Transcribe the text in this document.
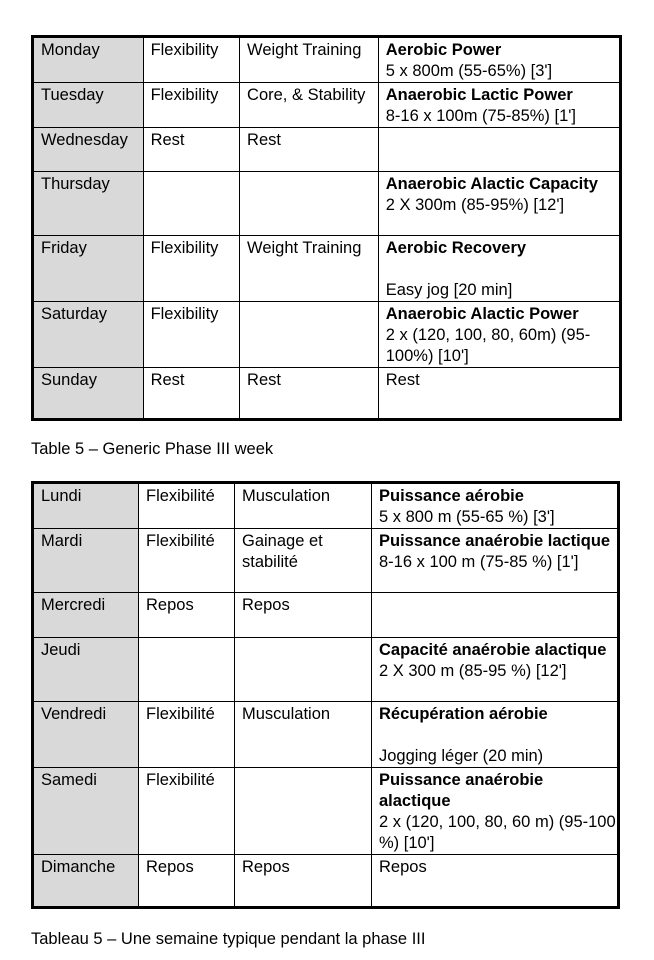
Monday	Flexibility	Weight Training	Aerobic Power
5 x 800m (55-65%) [3']

Tuesday	Flexibility	Core, & Stability	Anaerobic Lactic Power
8-16 x 100m (75-85%) [1']

Wednesday	Rest	Rest	

Thursday			Anaerobic Alactic Capacity
2 X 300m (85-95%) [12']

Friday	Flexibility	Weight Training	Aerobic Recovery
Easy jog [20 min]

Saturday	Flexibility		Anaerobic Alactic Power
2 x (120, 100, 80, 60m) (95-100%) [10']

Sunday	Rest	Rest	Rest
Table 5 – Generic Phase III week
Lundi	Flexibilité	Musculation	Puissance aérobie
5 x 800 m (55-65 %) [3']

Mardi	Flexibilité	Gainage et stabilité	Puissance anaérobie lactique
8-16 x 100 m (75-85 %) [1']

Mercredi	Repos	Repos	

Jeudi			Capacité anaérobie alactique
2 X 300 m (85-95 %) [12']

Vendredi	Flexibilité	Musculation	Récupération aérobie
Jogging léger (20 min)

Samedi	Flexibilité		Puissance anaérobie alactique
2 x (120, 100, 80, 60 m) (95-100 %) [10']

Dimanche	Repos	Repos	Repos
Tableau 5 – Une semaine typique pendant la phase III
